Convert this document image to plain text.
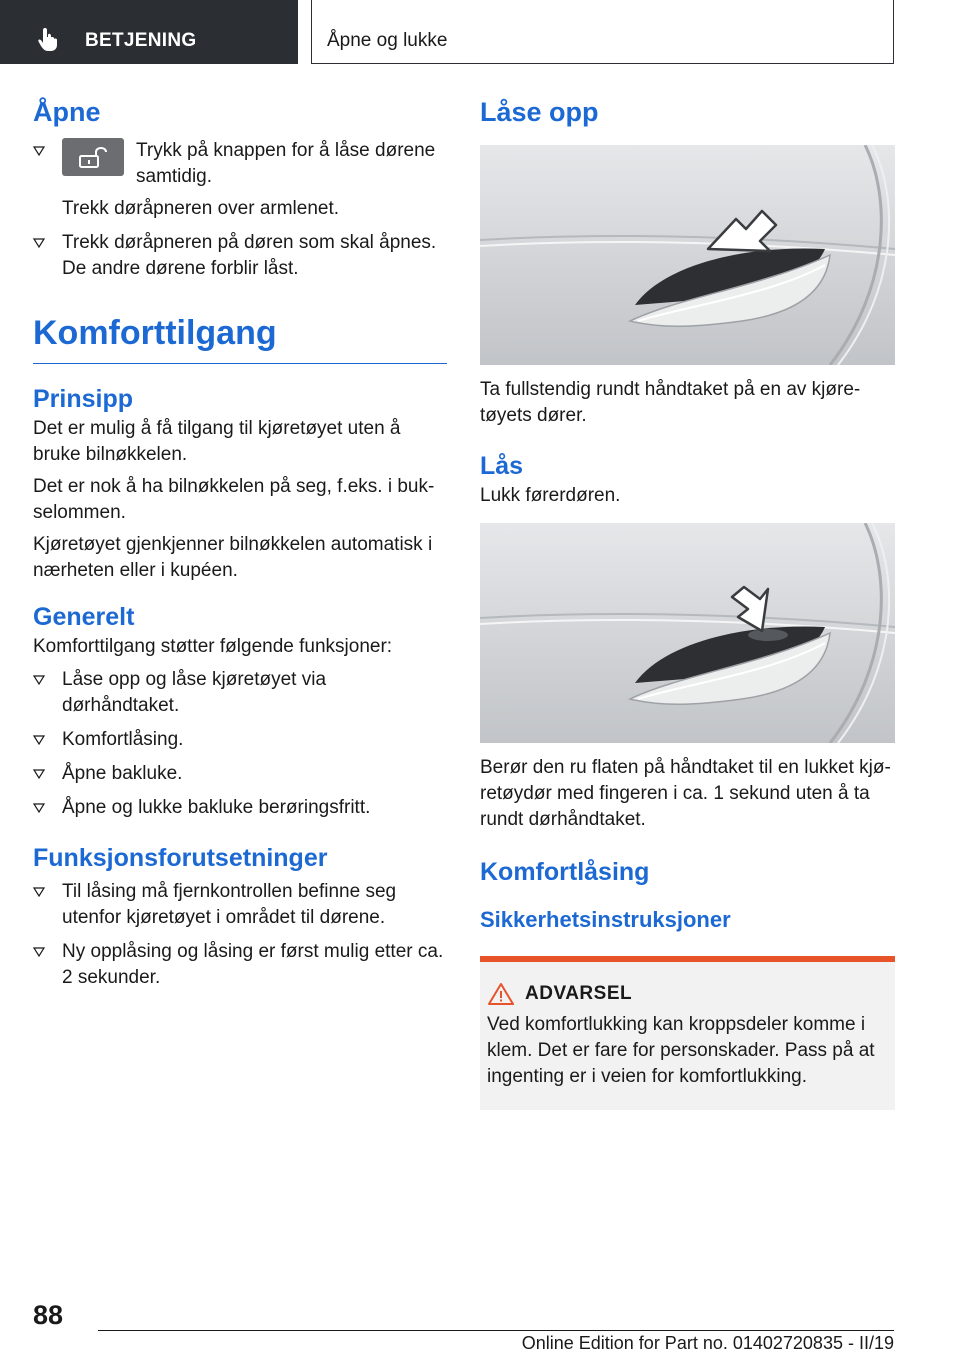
BETJENING	Åpne og lukke
Åpne
Trykk på knappen for å låse dørene samtidig.

Trekk døråpneren over armlenet.

Trekk døråpneren på døren som skal åpnes. De andre dørene forblir låst.
Komforttilgang
Prinsipp

Det er mulig å få tilgang til kjøretøyet uten å bruke bilnøkkelen.

Det er nok å ha bilnøkkelen på seg, f.eks. i buk-selommen.

Kjøretøyet gjenkjenner bilnøkkelen automatisk i nærheten eller i kupéen.

Generelt

Komforttilgang støtter følgende funksjoner:

Låse opp og låse kjøretøyet via dørhåndtaket.
Komfortlåsing.
Åpne bakluke.
Åpne og lukke bakluke berøringsfritt.
Funksjonsforutsetninger
Til låsing må fjernkontrollen befinne seg utenfor kjøretøyet i området til dørene.
Ny opplåsing og låsing er først mulig etter ca. 2 sekunder.
Låse opp

Ta fullstendig rundt håndtaket på en av kjøre-tøyets dører.

Lås

Lukk førerdøren.

Berør den ru flaten på håndtaket til en lukket kjø-retøydør med fingeren i ca. 1 sekund uten å ta rundt dørhåndtaket.

Komfortlåsing
Sikkerhetsinstruksjoner
ADVARSEL

Ved komfortlukking kan kroppsdeler komme i klem. Det er fare for personskader. Pass på at ingenting er i veien for komfortlukking.

88
Online Edition for Part no. 01402720835 - II/19
